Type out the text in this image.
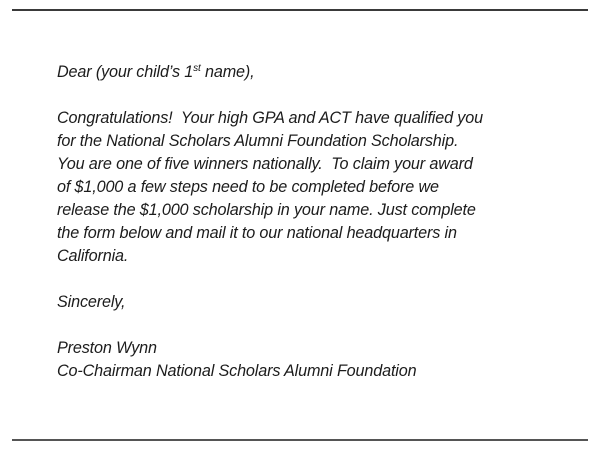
Dear (your child’s 1st name),
Congratulations!  Your high GPA and ACT have qualified you
for the National Scholars Alumni Foundation Scholarship.
You are one of five winners nationally.  To claim your award
of $1,000 a few steps need to be completed before we
release the $1,000 scholarship in your name. Just complete
the form below and mail it to our national headquarters in
California.
Sincerely,
Preston Wynn
Co-Chairman National Scholars Alumni Foundation
